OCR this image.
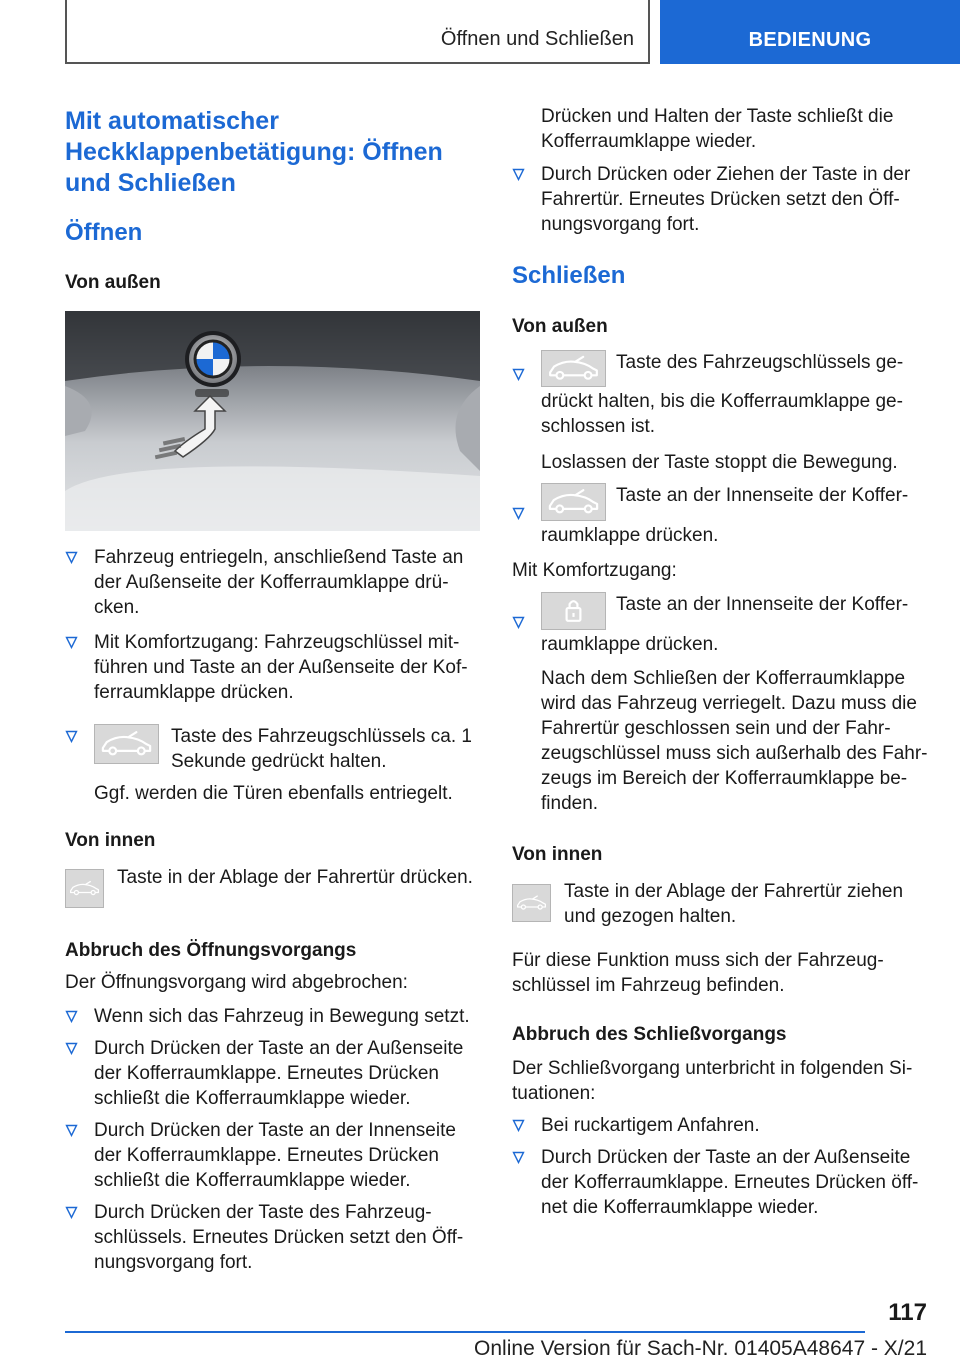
Öffnen und Schließen	BEDIENUNG
Mit automatischer Heckklappenbetätigung: Öffnen und Schließen
Öffnen
Von außen
Fahrzeug entriegeln, anschließend Taste an der Außenseite der Kofferraumklappe drü-cken.
Mit Komfortzugang: Fahrzeugschlüssel mit-führen und Taste an der Außenseite der Kof-ferraumklappe drücken.
Taste des Fahrzeugschlüssels ca. 1 Sekunde gedrückt halten.
Ggf. werden die Türen ebenfalls entriegelt.
Von innen
Taste in der Ablage der Fahrertür drücken.
Abbruch des Öffnungsvorgangs
Der Öffnungsvorgang wird abgebrochen:
Wenn sich das Fahrzeug in Bewegung setzt.
Durch Drücken der Taste an der Außenseite der Kofferraumklappe. Erneutes Drücken schließt die Kofferraumklappe wieder.
Durch Drücken der Taste an der Innenseite der Kofferraumklappe. Erneutes Drücken schließt die Kofferraumklappe wieder.
Durch Drücken der Taste des Fahrzeug-schlüssels. Erneutes Drücken setzt den Öff-nungsvorgang fort.
Drücken und Halten der Taste schließt die Kofferraumklappe wieder.
Durch Drücken oder Ziehen der Taste in der Fahrertür. Erneutes Drücken setzt den Öff-nungsvorgang fort.
Schließen
Von außen
Taste des Fahrzeugschlüssels ge-drückt halten, bis die Kofferraumklappe ge-schlossen ist.
Loslassen der Taste stoppt die Bewegung.
Taste an der Innenseite der Koffer-raumklappe drücken.
Mit Komfortzugang:
Taste an der Innenseite der Koffer-raumklappe drücken.
Nach dem Schließen der Kofferraumklappe wird das Fahrzeug verriegelt. Dazu muss die Fahrertür geschlossen sein und der Fahr-zeugschlüssel muss sich außerhalb des Fahr-zeugs im Bereich der Kofferraumklappe be-finden.
Von innen
Taste in der Ablage der Fahrertür ziehen und gezogen halten.
Für diese Funktion muss sich der Fahrzeug-schlüssel im Fahrzeug befinden.
Abbruch des Schließvorgangs
Der Schließvorgang unterbricht in folgenden Si-tuationen:
Bei ruckartigem Anfahren.
Durch Drücken der Taste an der Außenseite der Kofferraumklappe. Erneutes Drücken öff-net die Kofferraumklappe wieder.
117
Online Version für Sach-Nr. 01405A48647 - X/21
